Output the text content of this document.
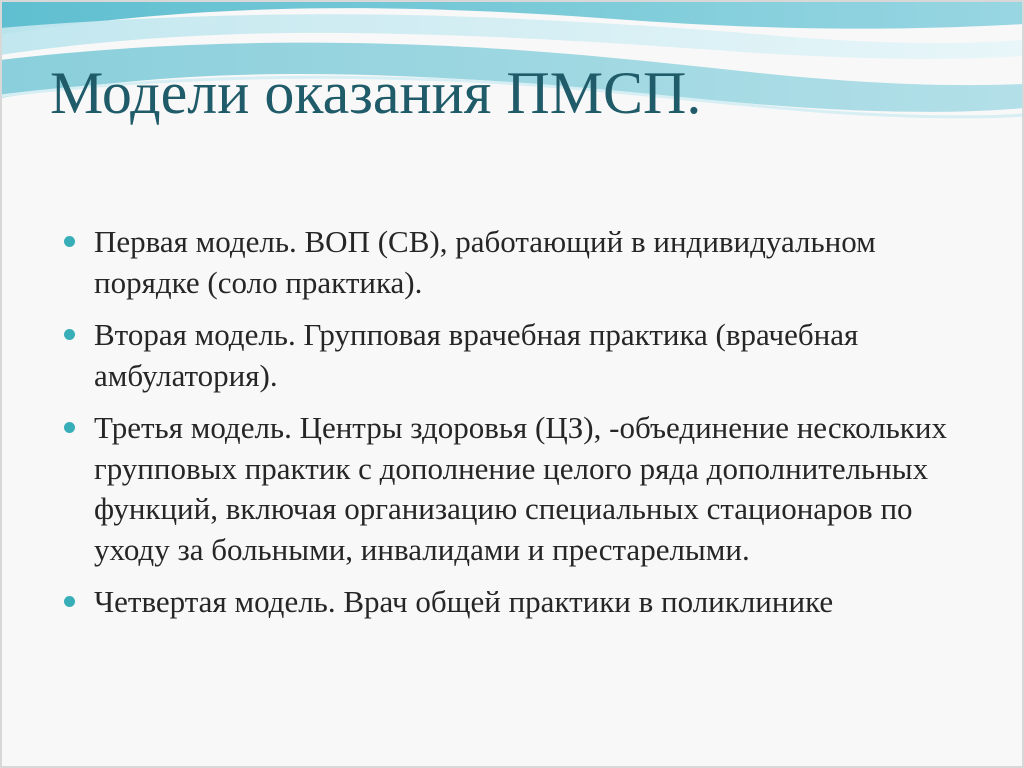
Модели оказания ПМСП.
Первая модель. ВОП (СВ), работающий в индивидуальном порядке (соло практика).
Вторая модель. Групповая врачебная практика (врачебная амбулатория).
Третья модель. Центры здоровья (ЦЗ), -объединение нескольких групповых практик с дополнение целого ряда дополнительных функций, включая организацию специальных стационаров по уходу за больными, инвалидами и престарелыми.
Четвертая модель. Врач общей практики в поликлинике
